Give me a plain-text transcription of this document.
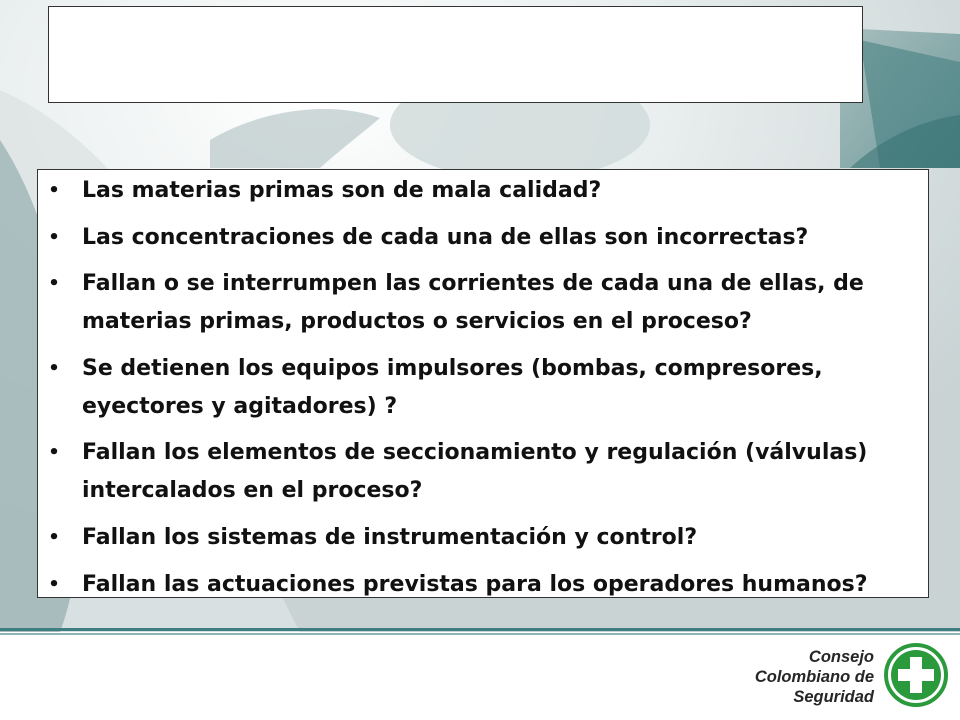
• Las materias primas son de mala calidad?
• Las concentraciones de cada una de ellas son incorrectas?
• Fallan o se interrumpen las corrientes de cada una de ellas, de materias primas, productos o servicios en el proceso?
• Se detienen los equipos impulsores (bombas, compresores, eyectores y agitadores) ?
• Fallan los elementos de seccionamiento y regulación (válvulas) intercalados en el proceso?
• Fallan los sistemas de instrumentación y control?
• Fallan las actuaciones previstas para los operadores humanos?
Consejo
Colombiano de
Seguridad
